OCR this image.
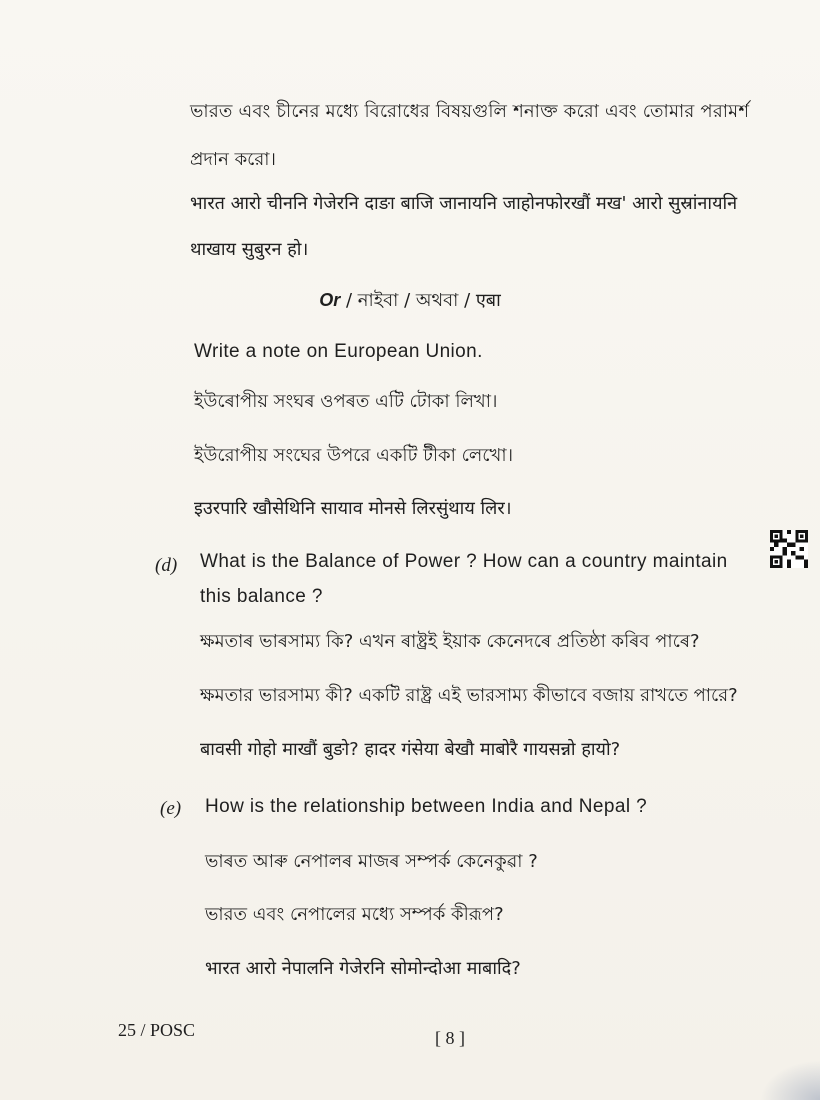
ভারত এবং চীনের মধ্যে বিরোধের বিষয়গুলি শনাক্ত করো এবং তোমার পরামর্শ
প্রদান করো।
भारत आरो चीननि गेजेरनि दाङा बाजि जानायनि जाहोनफोरखौं मख' आरो सुस्रांनायनि
थाखाय सुबुरन हो।
Or / নাইবা / অথবা / एबा
Write a note on European Union.
ইউৰোপীয় সংঘৰ ওপৰত এটি টোকা লিখা।
ইউরোপীয় সংঘের উপরে একটি টীকা লেখো।
इउरपारि खौसेथिनि सायाव मोनसे लिरसुंथाय लिर।
(d) What is the Balance of Power ? How can a country maintain
this balance ?
ক্ষমতাৰ ভাৰসাম্য কি? এখন ৰাষ্ট্রই ইয়াক কেনেদৰে প্রতিষ্ঠা কৰিব পাৰে?
ক্ষমতার ভারসাম্য কী? একটি রাষ্ট্র এই ভারসাম্য কীভাবে বজায় রাখতে পারে?
बावसी गोहो माखौं बुङो? हादर गंसेया बेखौ माबोरै गायसन्नो हायो?
(e) How is the relationship between India and Nepal ?
ভাৰত আৰু নেপালৰ মাজৰ সম্পর্ক কেনেকুৱা ?
ভারত এবং নেপালের মধ্যে সম্পর্ক কীরূপ?
भारत आरो नेपालनि गेजेरनि सोमोन्दोआ माबादि?
25 / POSC	[ 8 ]
